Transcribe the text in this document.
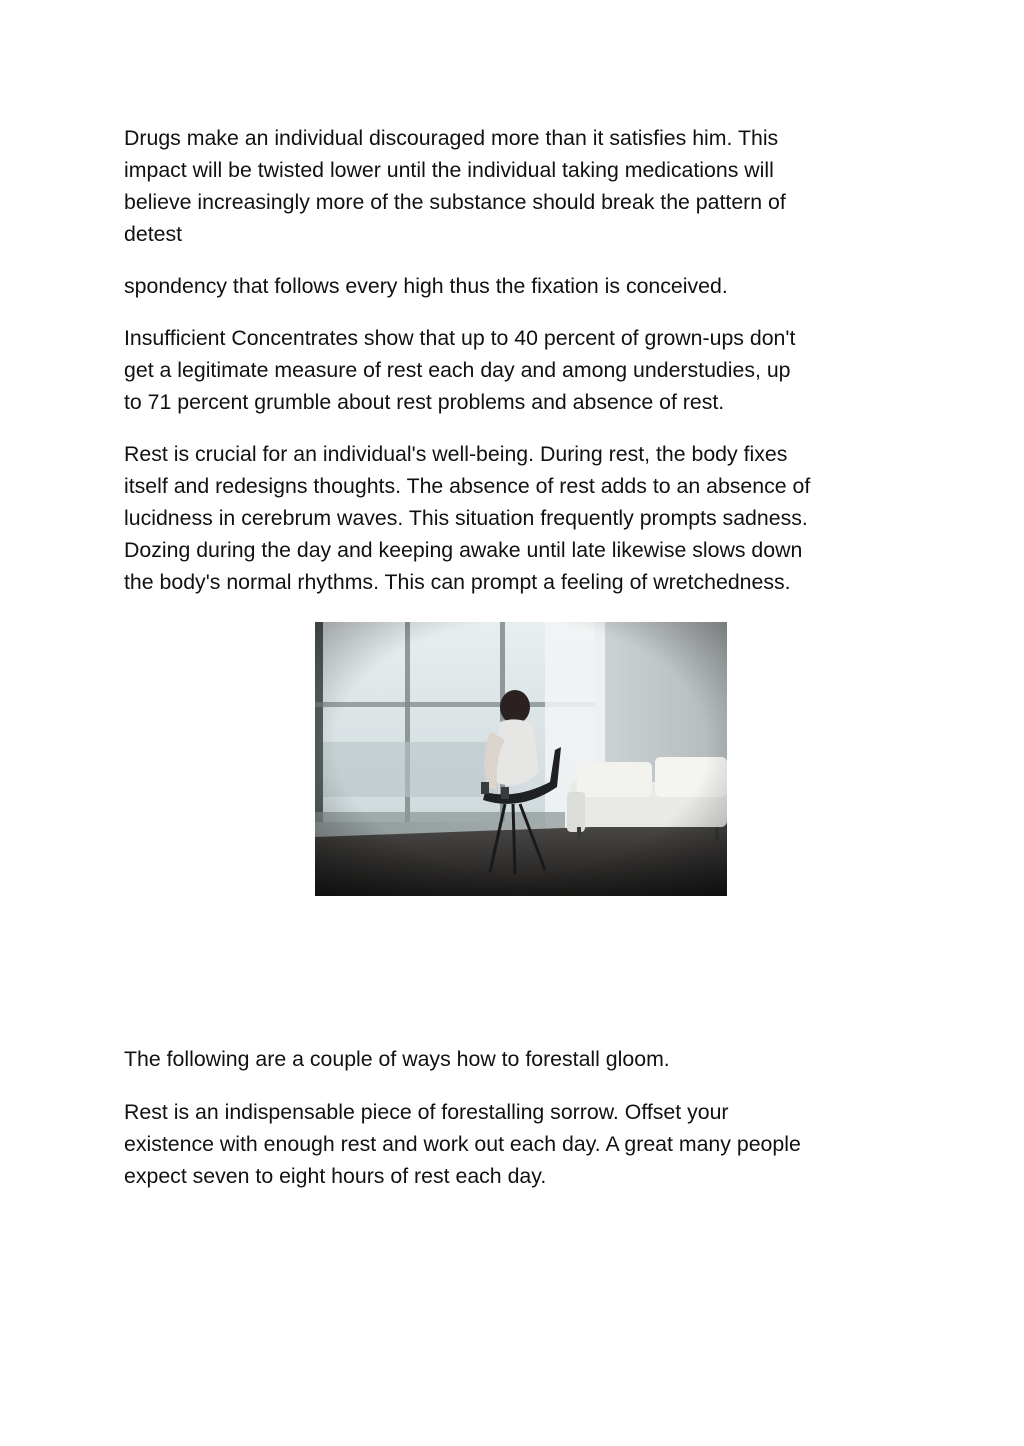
Drugs make an individual discouraged more than it satisfies him. This
impact will be twisted lower until the individual taking medications will
believe increasingly more of the substance should break the pattern of
detest

spondency that follows every high thus the fixation is conceived.

Insufficient Concentrates show that up to 40 percent of grown-ups don't
get a legitimate measure of rest each day and among understudies, up
to 71 percent grumble about rest problems and absence of rest.

Rest is crucial for an individual's well-being. During rest, the body fixes
itself and redesigns thoughts. The absence of rest adds to an absence of
lucidness in cerebrum waves. This situation frequently prompts sadness.
Dozing during the day and keeping awake until late likewise slows down
the body's normal rhythms. This can prompt a feeling of wretchedness.

The following are a couple of ways how to forestall gloom.

Rest is an indispensable piece of forestalling sorrow. Offset your
existence with enough rest and work out each day. A great many people
expect seven to eight hours of rest each day.
